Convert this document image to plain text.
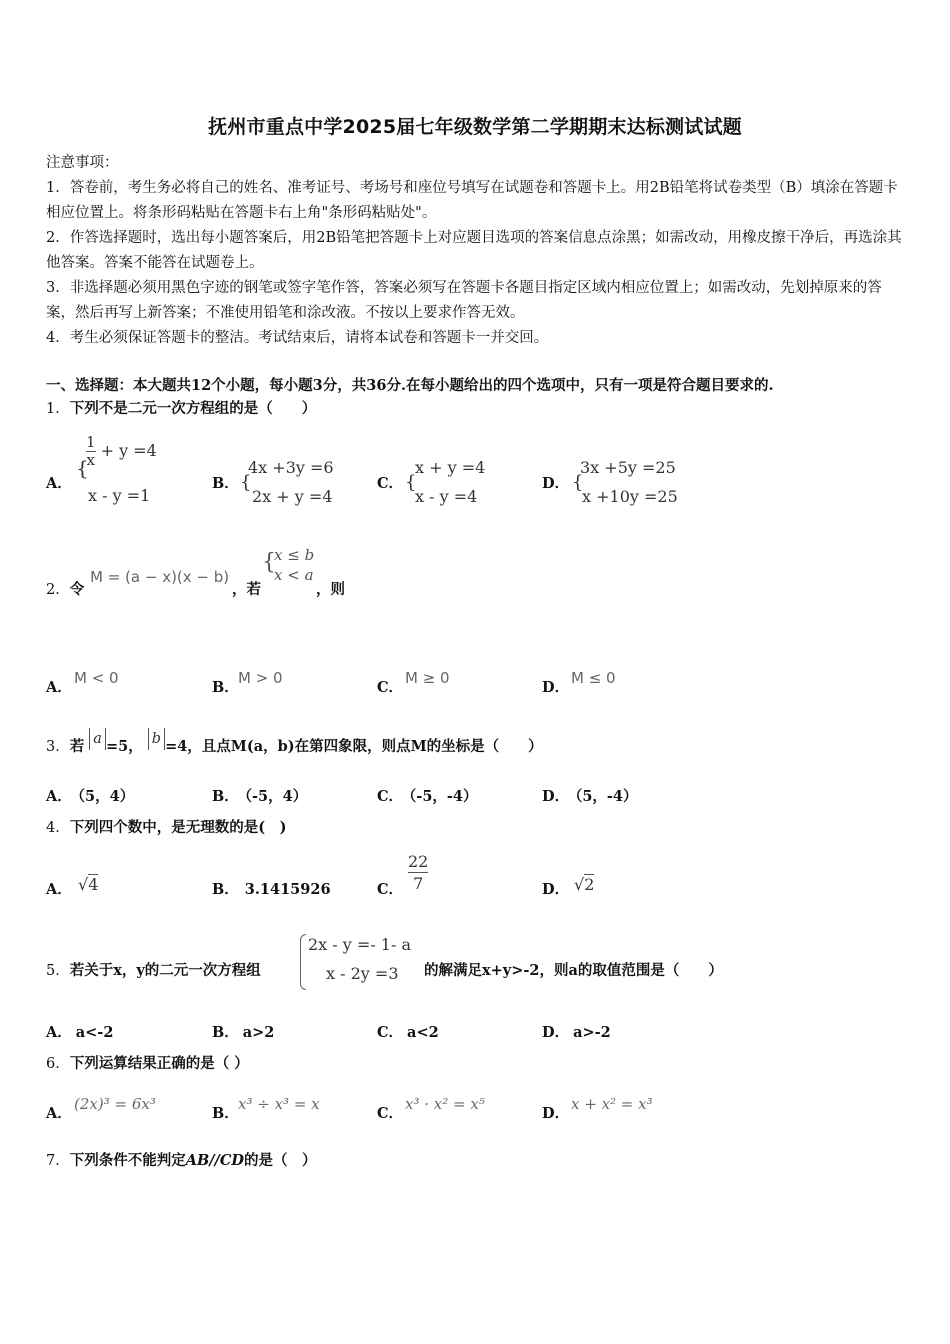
抚州市重点中学2025届七年级数学第二学期期末达标测试试题

注意事项：

1．答卷前，考生务必将自己的姓名、准考证号、考场号和座位号填写在试题卷和答题卡上。用2B铅笔将试卷类型（B）填涂在答题卡相应位置上。将条形码粘贴在答题卡右上角"条形码粘贴处"。

2．作答选择题时，选出每小题答案后，用2B铅笔把答题卡上对应题目选项的答案信息点涂黑；如需改动，用橡皮擦干净后，再选涂其他答案。答案不能答在试题卷上。

3．非选择题必须用黑色字迹的钢笔或签字笔作答，答案必须写在答题卡各题目指定区域内相应位置上；如需改动，先划掉原来的答案，然后再写上新答案；不准使用铅笔和涂改液。不按以上要求作答无效。

4．考生必须保证答题卡的整洁。考试结束后，请将本试卷和答题卡一并交回。

一、选择题：本大题共12个小题，每小题3分，共36分.在每小题给出的四个选项中，只有一项是符合题目要求的.
1．下列不是二元一次方程组的是（　　）
A．
{
$\frac{1}{x} + y =4$
x - y =1
B． {
4x +3y =6
2x + y =4
C． {
x + y =4
x - y =4
D． {
3x +5y =25
x +10y =25
2．令
M = (a − x)(x − b)
，若
{
x ≤ b
x < a
，则
A．
M < 0
B．
M > 0
C．
M ≥ 0
D．
M ≤ 0
3．若 a =5， b =4，且点M(a，b)在第四象限，则点M的坐标是（　　）
A． （5，4）	B． （-5，4）	C． （-5，-4）	D． （5，-4）
4．下列四个数中，是无理数的是(　)
A． √4	B． 3.1415926	C． $\frac{22}{7}$	D． √2
5．若关于x，y的二元一次方程组
2x - y =- 1- a
x - 2y =3 的解满足x+y>-2，则a的取值范围是（　　）
A． a<-2	B． a>2	C． a<2	D． a>-2
6．下列运算结果正确的是（ ）
A．
(2x)³ = 6x³
B．
x³ ÷ x³ = x
C．
x³ · x² = x⁵
D．
x + x² = x³
7．下列条件不能判定AB//CD的是（　）
